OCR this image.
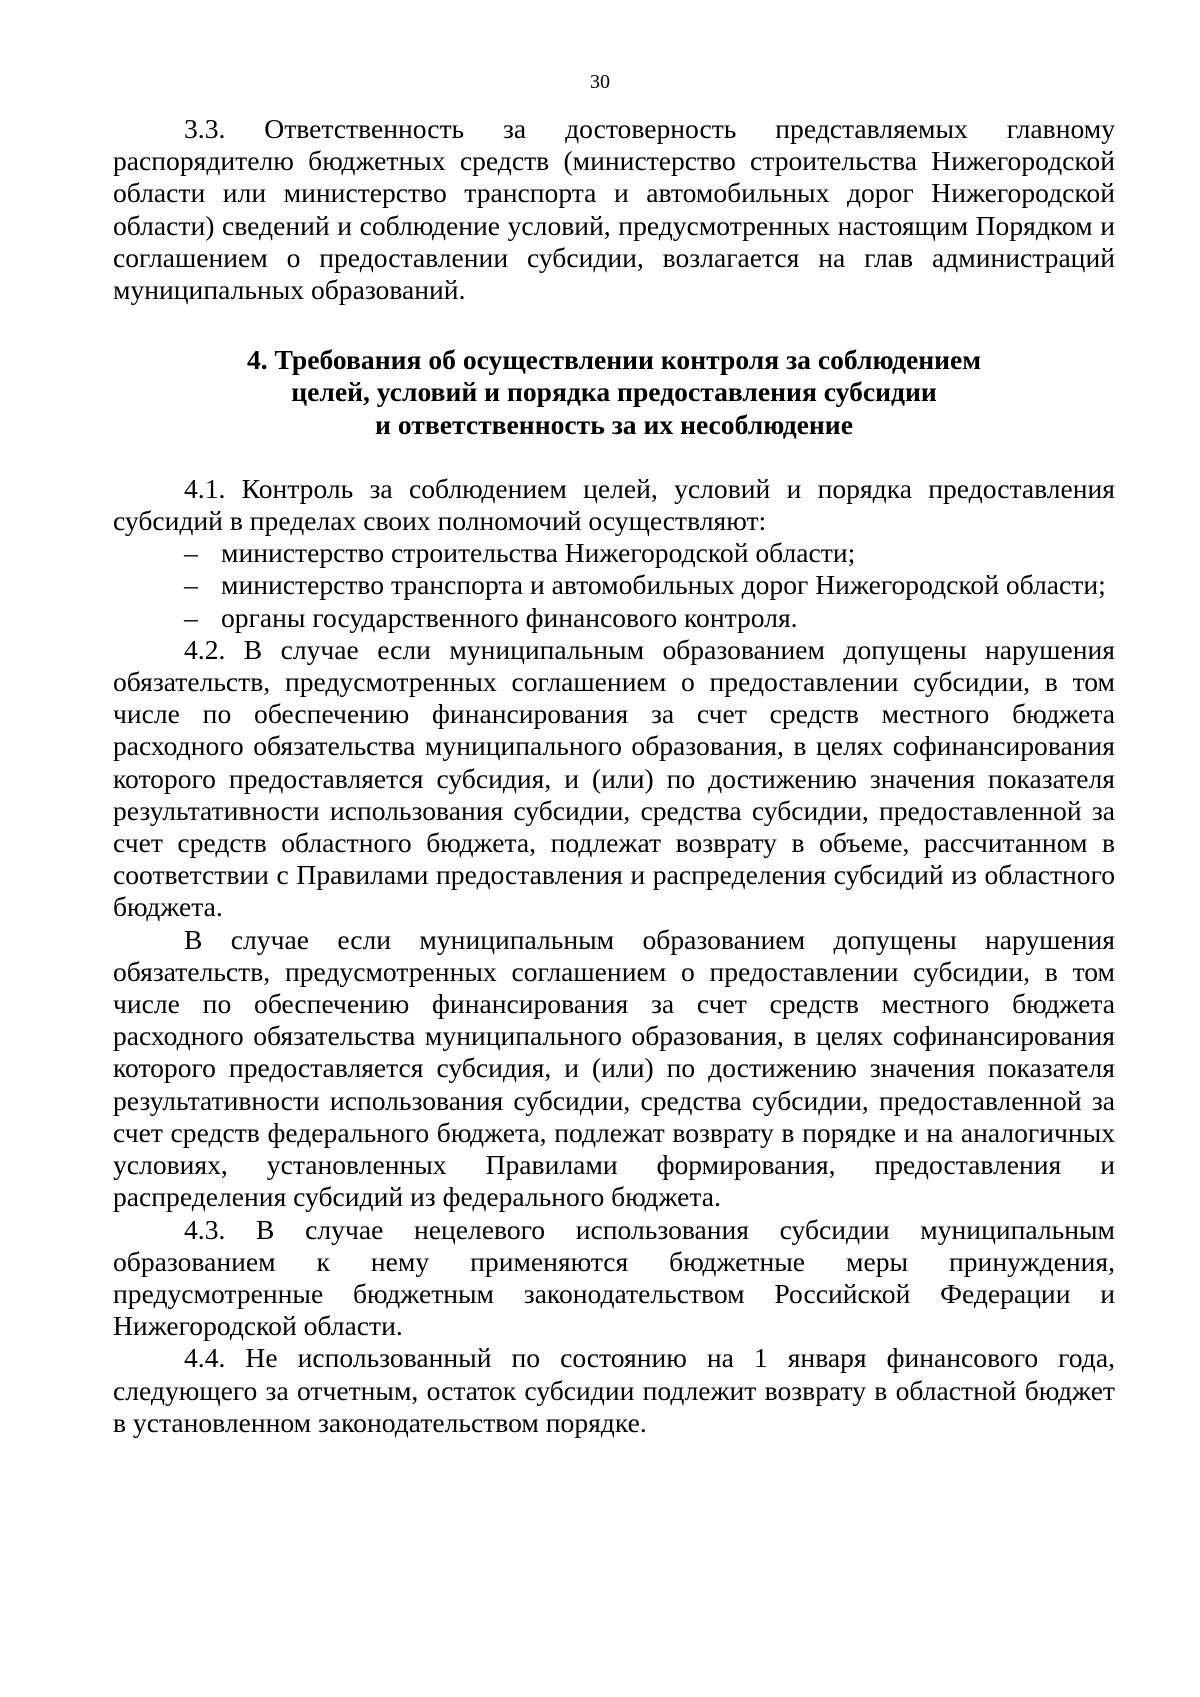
30

3.3. Ответственность за достоверность представляемых главному распорядителю бюджетных средств (министерство строительства Нижегородской области или министерство транспорта и автомобильных дорог Нижегородской области) сведений и соблюдение условий, предусмотренных настоящим Порядком и соглашением о предоставлении субсидии, возлагается на глав администраций муниципальных образований.

4. Требования об осуществлении контроля за соблюдением
целей, условий и порядка предоставления субсидии
и ответственность за их несоблюдение

4.1. Контроль за соблюдением целей, условий и порядка предоставления субсидий в пределах своих полномочий осуществляют:

– министерство строительства Нижегородской области;

– министерство транспорта и автомобильных дорог Нижегородской области;

– органы государственного финансового контроля.

4.2. В случае если муниципальным образованием допущены нарушения обязательств, предусмотренных соглашением о предоставлении субсидии, в том числе по обеспечению финансирования за счет средств местного бюджета расходного обязательства муниципального образования, в целях софинансирования которого предоставляется субсидия, и (или) по достижению значения показателя результативности использования субсидии, средства субсидии, предоставленной за счет средств областного бюджета, подлежат возврату в объеме, рассчитанном в соответствии с Правилами предоставления и распределения субсидий из областного бюджета.

В случае если муниципальным образованием допущены нарушения обязательств, предусмотренных соглашением о предоставлении субсидии, в том числе по обеспечению финансирования за счет средств местного бюджета расходного обязательства муниципального образования, в целях софинансирования которого предоставляется субсидия, и (или) по достижению значения показателя результативности использования субсидии, средства субсидии, предоставленной за счет средств федерального бюджета, подлежат возврату в порядке и на аналогичных условиях, установленных Правилами формирования, предоставления и распределения субсидий из федерального бюджета.

4.3. В случае нецелевого использования субсидии муниципальным образованием к нему применяются бюджетные меры принуждения, предусмотренные бюджетным законодательством Российской Федерации и Нижегородской области.

4.4. Не использованный по состоянию на 1 января финансового года, следующего за отчетным, остаток субсидии подлежит возврату в областной бюджет в установленном законодательством порядке.
